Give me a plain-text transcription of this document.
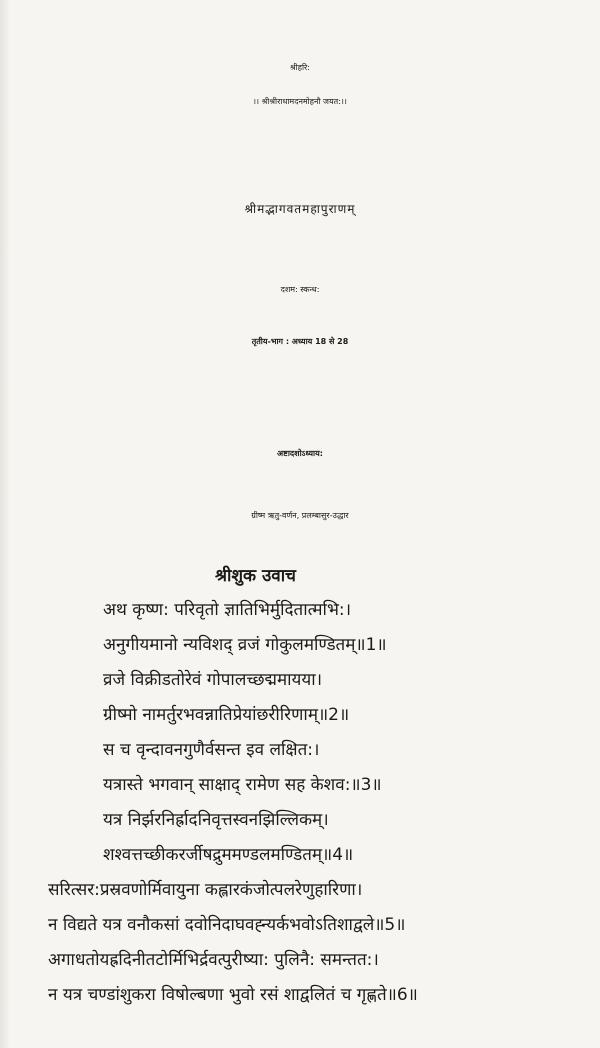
श्रीहरि:
।। श्रीश्रीराधामदनमोहनौ जयत:।।
श्रीमद्भागवतमहापुराणम्
दशम: स्कन्ध:
तृतीय-भाग : अध्याय 18 से 28
अष्टादशोऽध्याय:
ग्रीष्म ऋतु-वर्णन, प्रलम्बासुर-उद्धार
श्रीशुक उवाच
अथ कृष्ण: परिवृतो ज्ञातिभिर्मुदितात्मभि:।
अनुगीयमानो न्यविशद् व्रजं गोकुलमण्डितम्॥1॥
व्रजे विक्रीडतोरेवं गोपालच्छद्ममायया।
ग्रीष्मो नामर्तुरभवन्नातिप्रेयांछरीरिणाम्॥2॥
स च वृन्दावनगुणैर्वसन्त इव लक्षित:।
यत्रास्ते भगवान् साक्षाद् रामेण सह केशव:॥3॥
यत्र निर्झरनिर्ह्रादनिवृत्तस्वनझिल्लिकम्।
शश्वत्तच्छीकरर्जीषद्रुममण्डलमण्डितम्॥4॥
सरित्सर:प्रस्रवणोर्मिवायुना कह्लारकंजोत्पलरेणुहारिणा।
न विद्यते यत्र वनौकसां दवोनिदाघवह्न्यर्कभवोऽतिशाद्वले॥5॥
अगाधतोयह्रदिनीतटोर्मिभिर्द्रवत्पुरीष्या: पुलिनै: समन्तत:।
न यत्र चण्डांशुकरा विषोल्बणा भुवो रसं शाद्वलितं च गृह्णते॥6॥
